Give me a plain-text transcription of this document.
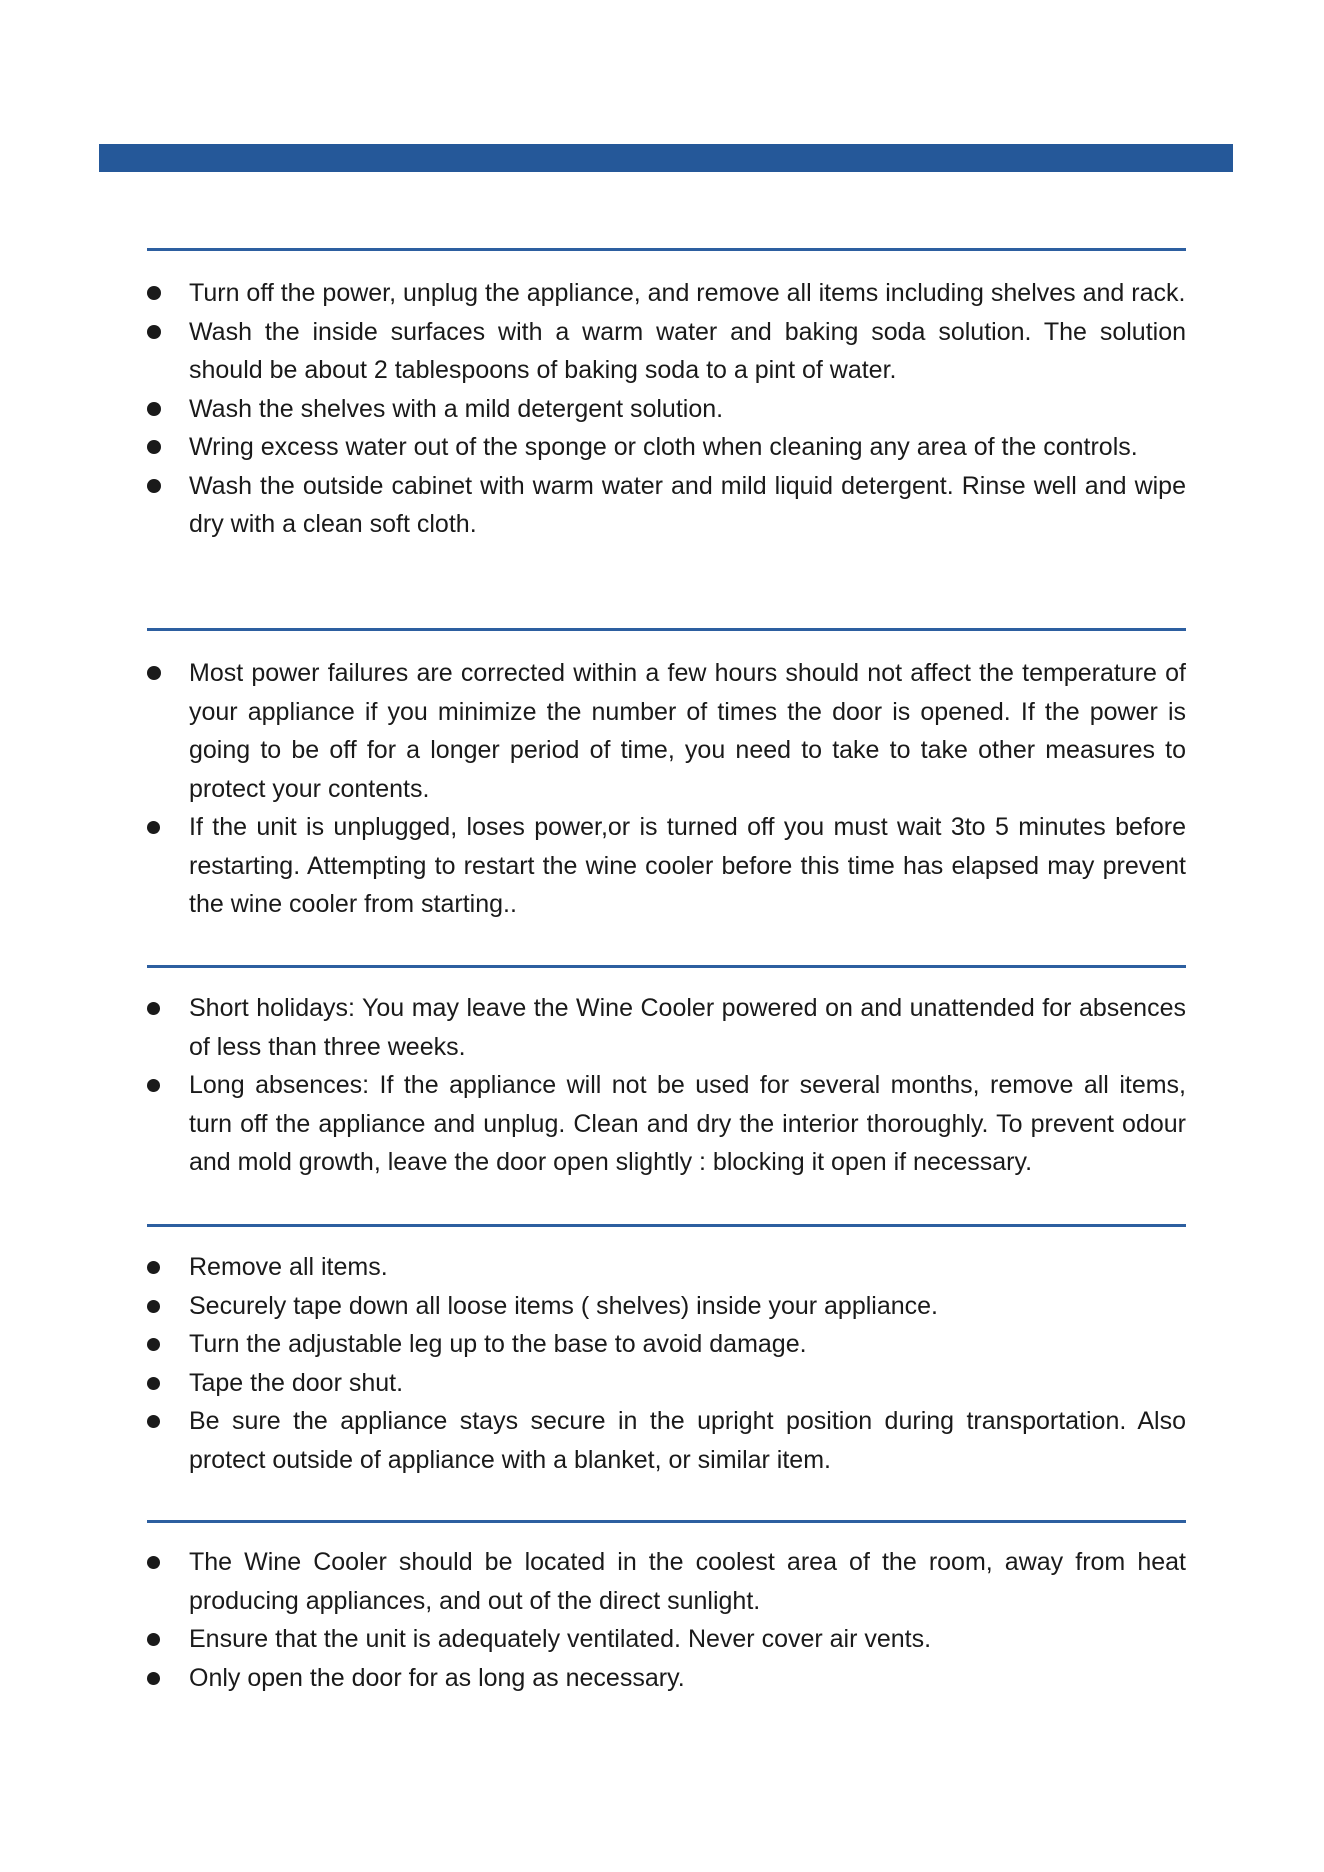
Turn off the power, unplug the appliance, and remove all items including shelves and rack.
Wash the inside surfaces with a warm water and baking soda solution. The solution should be about 2 tablespoons of baking soda to a pint of water.
Wash the shelves with a mild detergent solution.
Wring excess water out of the sponge or cloth when cleaning any area of the controls.
Wash the outside cabinet with warm water and mild liquid detergent. Rinse well and wipe dry with a clean soft cloth.
Most power failures are corrected within a few hours should not affect the temperature of your appliance if you minimize the number of times the door is opened. If the power is going to be off for a longer period of time, you need to take to take other measures to protect your contents.
If the unit is unplugged, loses power,or is turned off you must wait 3to 5 minutes before restarting. Attempting to restart the wine cooler before this time has elapsed may prevent the wine cooler from starting..
Short holidays: You may leave the Wine Cooler powered on and unattended for absences of less than three weeks.
Long absences: If the appliance will not be used for several months, remove all items, turn off the appliance and unplug. Clean and dry the interior thoroughly. To prevent odour and mold growth, leave the door open slightly : blocking it open if necessary.
Remove all items.
Securely tape down all loose items ( shelves) inside your appliance.
Turn the adjustable leg up to the base to avoid damage.
Tape the door shut.
Be sure the appliance stays secure in the upright position during transportation. Also protect outside of appliance with a blanket, or similar item.
The Wine Cooler should be located in the coolest area of the room, away from heat producing appliances, and out of the direct sunlight.
Ensure that the unit is adequately ventilated. Never cover air vents.
Only open the door for as long as necessary.
